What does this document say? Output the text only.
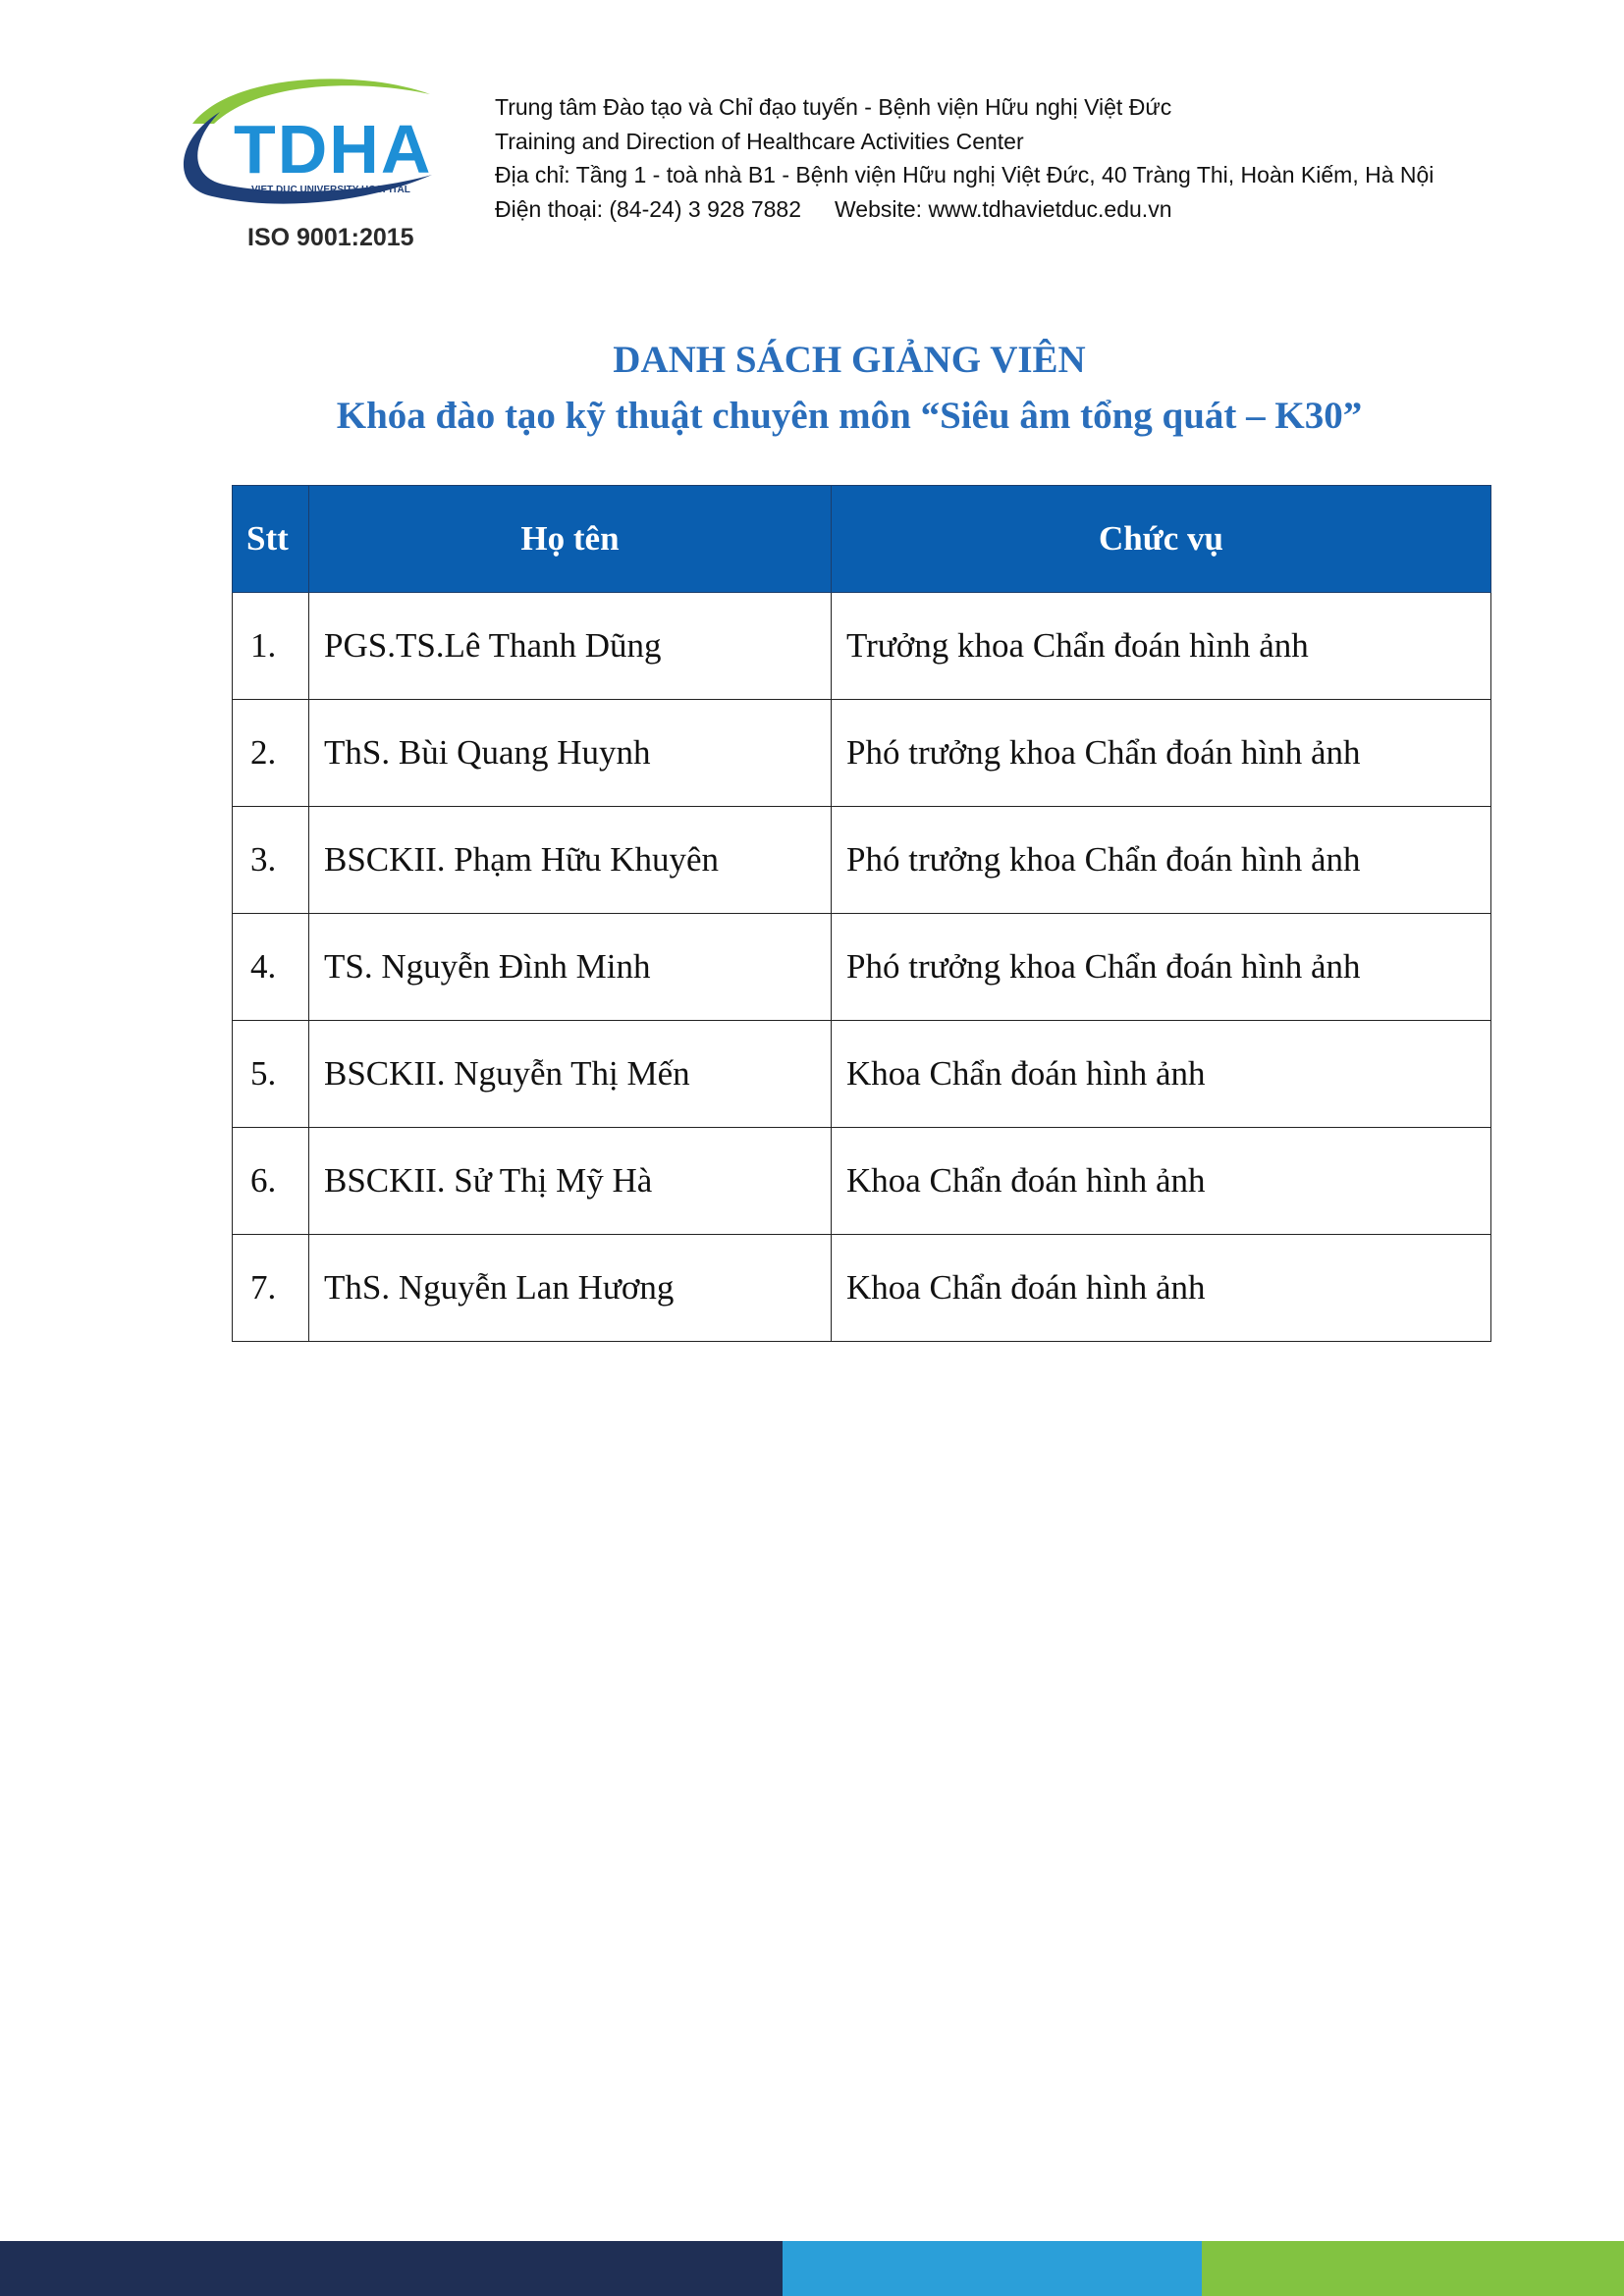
TDHA
VIET DUC UNIVERSITY HOSPITAL
ISO 9001:2015
Trung tâm Đào tạo và Chỉ đạo tuyến - Bệnh viện Hữu nghị Việt Đức
Training and Direction of Healthcare Activities Center
Địa chỉ: Tầng 1 - toà nhà B1 - Bệnh viện Hữu nghị Việt Đức, 40 Tràng Thi, Hoàn Kiếm, Hà Nội
Điện thoại: (84-24) 3 928 7882 Website: www.tdhavietduc.edu.vn
DANH SÁCH GIẢNG VIÊN
Khóa đào tạo kỹ thuật chuyên môn “Siêu âm tổng quát – K30”
Stt	Họ tên	Chức vụ
1.	PGS.TS.Lê Thanh Dũng	Trưởng khoa Chẩn đoán hình ảnh
2.	ThS. Bùi Quang Huynh	Phó trưởng khoa Chẩn đoán hình ảnh
3.	BSCKII. Phạm Hữu Khuyên	Phó trưởng khoa Chẩn đoán hình ảnh
4.	TS. Nguyễn Đình Minh	Phó trưởng khoa Chẩn đoán hình ảnh
5.	BSCKII. Nguyễn Thị Mến	Khoa Chẩn đoán hình ảnh
6.	BSCKII. Sử Thị Mỹ Hà	Khoa Chẩn đoán hình ảnh
7.	ThS. Nguyễn Lan Hương	Khoa Chẩn đoán hình ảnh
